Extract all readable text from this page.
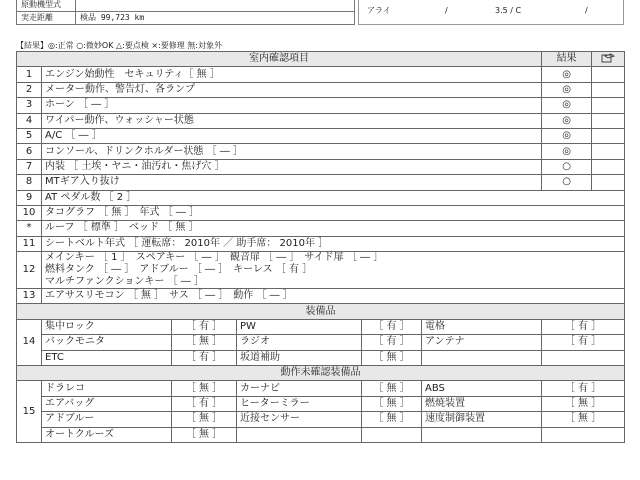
原動機型式
実走距離	検品 99,723 km
アライ	/	3.5 / C	/
【結果】◎:正常 ○:微妙OK △:要点検 ×:要修理 無:対象外
室内確認項目						結果	
1	エンジン始動性　セキュリティ［ 無 ］					◎	
2	メーター動作、警告灯、各ランプ					◎	
3	ホーン ［ ― ］					◎	
4	ワイパー動作、ウォッシャー状態					◎	
5	A/C ［ ― ］					◎	
6	コンソール、ドリンクホルダー状態 ［ ― ］					◎	
7	内装 ［ 土埃・ヤニ・油汚れ・焦げ穴 ］					○	
8	MTギア入り抜け					○	
9	AT ペダル数 ［ 2 ］						
10	タコグラフ ［ 無 ］　年式 ［ ― ］						
*	ルーフ ［ 標準 ］　ベッド ［ 無 ］						
11	シートベルト年式 ［ 運転席： 2010年 ／ 助手席： 2010年 ］						
12	メインキー ［ 1 ］　スペアキー ［ ― ］　観音扉 ［ ― ］　サイド扉 ［ ― ］
燃料タンク ［ ― ］　アドブルー ［ ― ］　キーレス ［ 有 ］
マルチファンクションキー ［ ― ］						

13	エアサスリモコン ［ 無 ］　サス ［ ― ］　動作 ［ ― ］						
装備品							
14	集中ロック	［ 有 ］	PW	［ 有 ］	電格	［ 有 ］	
	バックモニタ	［ 無 ］	ラジオ	［ 有 ］	アンテナ	［ 有 ］	
	ETC	［ 有 ］	坂道補助	［ 無 ］			
動作未確認装備品							
15	ドラレコ	［ 無 ］	カーナビ	［ 無 ］	ABS	［ 有 ］	
	エアバッグ	［ 有 ］	ヒーターミラー	［ 無 ］	燃焼装置	［ 無 ］	
	アドブルー	［ 無 ］	近接センサー	［ 無 ］	速度制御装置	［ 無 ］	
	オートクルーズ	［ 無 ］					
